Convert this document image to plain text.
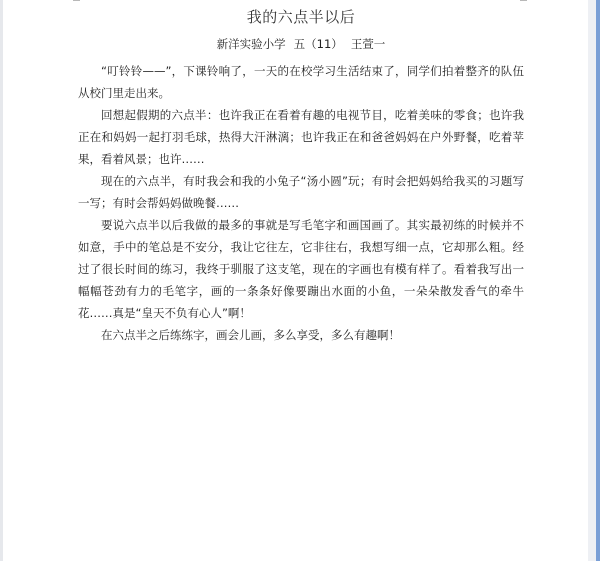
我的六点半以后
新洋实验小学 五（11） 王萱一

“叮铃铃——”，下课铃响了，一天的在校学习生活结束了，同学们拍着整齐的队伍从校门里走出来。

回想起假期的六点半：也许我正在看着有趣的电视节目，吃着美味的零食；也许我正在和妈妈一起打羽毛球，热得大汗淋漓；也许我正在和爸爸妈妈在户外野餐，吃着苹果，看着风景；也许……

现在的六点半，有时我会和我的小兔子“汤小圆”玩；有时会把妈妈给我买的习题写一写；有时会帮妈妈做晚餐……

要说六点半以后我做的最多的事就是写毛笔字和画国画了。其实最初练的时候并不如意，手中的笔总是不安分，我让它往左，它非往右，我想写细一点，它却那么粗。经过了很长时间的练习，我终于驯服了这支笔，现在的字画也有模有样了。看着我写出一幅幅苍劲有力的毛笔字，画的一条条好像要蹦出水面的小鱼，一朵朵散发香气的牵牛花……真是“皇天不负有心人”啊！

在六点半之后练练字，画会儿画，多么享受，多么有趣啊！
